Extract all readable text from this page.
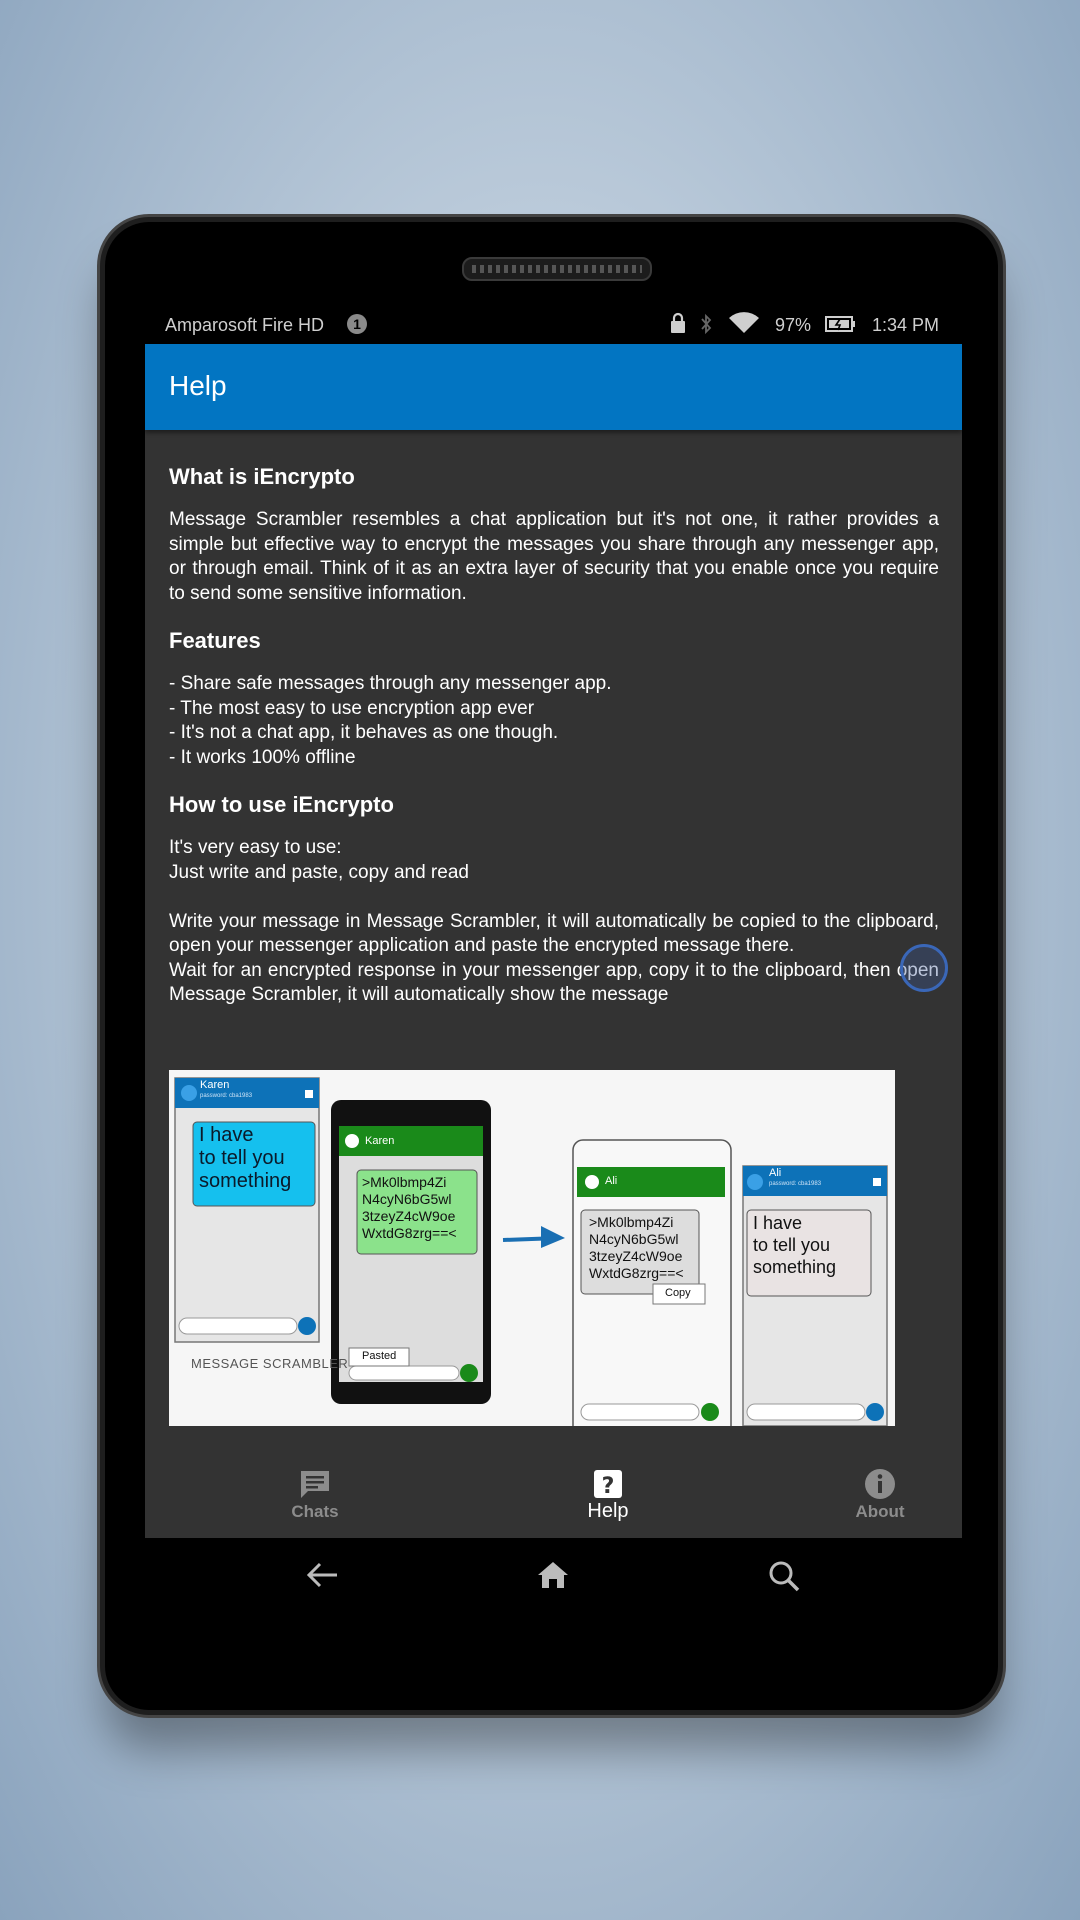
Amparosoft Fire HD	1	97%	1:34 PM
Help
What is iEncrypto

Message Scrambler resembles a chat application but it's not one, it rather provides a simple but effective way to encrypt the messages you share through any messenger app, or through email. Think of it as an extra layer of security that you enable once you require to send some sensitive information.

Features
- Share safe messages through any messenger app.
- The most easy to use encryption app ever
- It's not a chat app, it behaves as one though.
- It works 100% offline
How to use iEncrypto
It's very easy to use:
Just write and paste, copy and read

Write your message in Message Scrambler, it will automatically be copied to the clipboard, open your messenger application and paste the encrypted message there.

Wait for an encrypted response in your messenger app, copy it to the clipboard, then open Message Scrambler, it will automatically show the message

Karen
password: cba1983
I have
to tell you
something
MESSAGE SCRAMBLER
Karen
>Mk0lbmp4Zi
N4cyN6bG5wl
3tzeyZ4cW9oe
WxtdG8zrg==<
Pasted
Ali
>Mk0lbmp4Zi
N4cyN6bG5wl
3tzeyZ4cW9oe
WxtdG8zrg==<
Copy
Ali
password: cba1983
I have
to tell you
something
Chats
?
Help	About
